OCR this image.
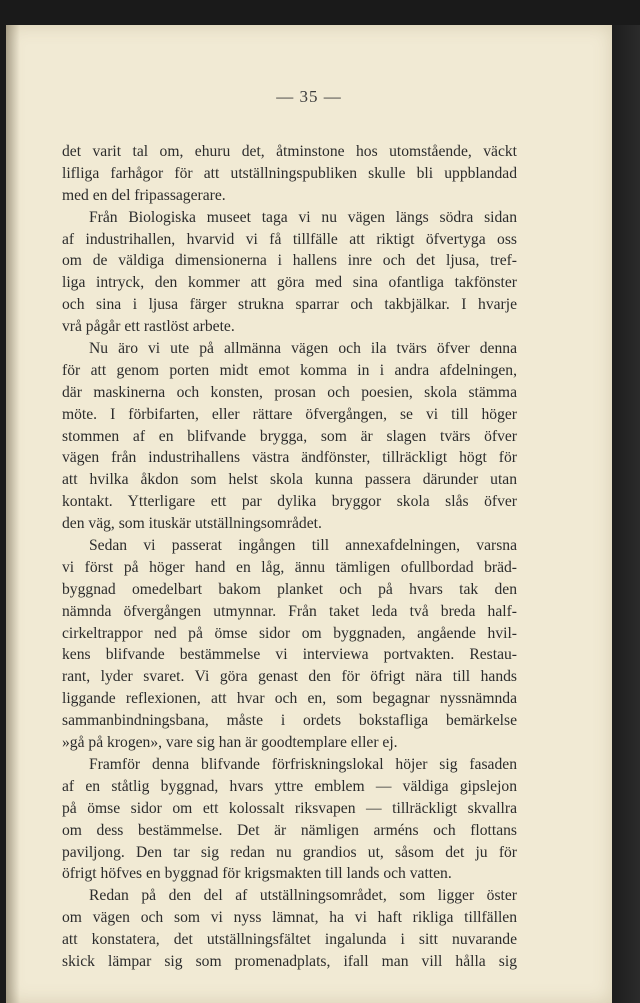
— 35 —
det varit tal om, ehuru det, åtminstone hos utomstående, väckt
lifliga farhågor för att utställningspubliken skulle bli uppblandad
med en del fripassagerare.
Från Biologiska museet taga vi nu vägen längs södra sidan
af industrihallen, hvarvid vi få tillfälle att riktigt öfvertyga oss
om de väldiga dimensionerna i hallens inre och det ljusa, tref-
liga intryck, den kommer att göra med sina ofantliga takfönster
och sina i ljusa färger strukna sparrar och takbjälkar. I hvarje
vrå pågår ett rastlöst arbete.
Nu äro vi ute på allmänna vägen och ila tvärs öfver denna
för att genom porten midt emot komma in i andra afdelningen,
där maskinerna och konsten, prosan och poesien, skola stämma
möte. I förbifarten, eller rättare öfvergången, se vi till höger
stommen af en blifvande brygga, som är slagen tvärs öfver
vägen från industrihallens västra ändfönster, tillräckligt högt för
att hvilka åkdon som helst skola kunna passera därunder utan
kontakt. Ytterligare ett par dylika bryggor skola slås öfver
den väg, som ituskär utställningsområdet.
Sedan vi passerat ingången till annexafdelningen, varsna
vi först på höger hand en låg, ännu tämligen ofullbordad bräd-
byggnad omedelbart bakom planket och på hvars tak den
nämnda öfvergången utmynnar. Från taket leda två breda half-
cirkeltrappor ned på ömse sidor om byggnaden, angående hvil-
kens blifvande bestämmelse vi interviewa portvakten. Restau-
rant, lyder svaret. Vi göra genast den för öfrigt nära till hands
liggande reflexionen, att hvar och en, som begagnar nyssnämnda
sammanbindningsbana, måste i ordets bokstafliga bemärkelse
»gå på krogen», vare sig han är goodtemplare eller ej.
Framför denna blifvande förfriskningslokal höjer sig fasaden
af en ståtlig byggnad, hvars yttre emblem — väldiga gipslejon
på ömse sidor om ett kolossalt riksvapen — tillräckligt skvallra
om dess bestämmelse. Det är nämligen arméns och flottans
paviljong. Den tar sig redan nu grandios ut, såsom det ju för
öfrigt höfves en byggnad för krigsmakten till lands och vatten.
Redan på den del af utställningsområdet, som ligger öster
om vägen och som vi nyss lämnat, ha vi haft rikliga tillfällen
att konstatera, det utställningsfältet ingalunda i sitt nuvarande
skick lämpar sig som promenadplats, ifall man vill hålla sig
